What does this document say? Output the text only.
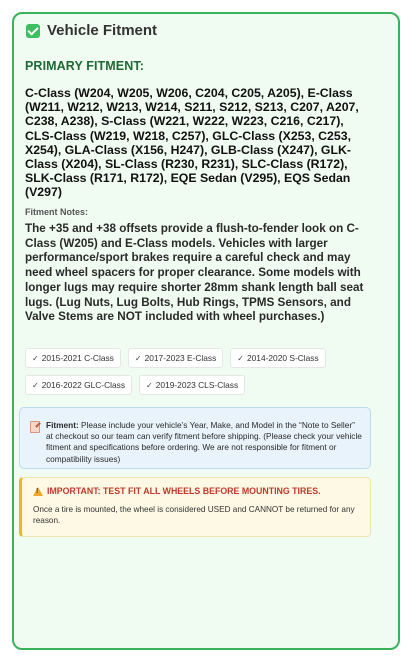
Vehicle Fitment
PRIMARY FITMENT:
C-Class (W204, W205, W206, C204, C205, A205), E-Class (W211, W212, W213, W214, S211, S212, S213, C207, A207, C238, A238), S-Class (W221, W222, W223, C216, C217), CLS-Class (W219, W218, C257), GLC-Class (X253, C253, X254), GLA-Class (X156, H247), GLB-Class (X247), GLK-Class (X204), SL-Class (R230, R231), SLC-Class (R172), SLK-Class (R171, R172), EQE Sedan (V295), EQS Sedan (V297)
Fitment Notes:
The +35 and +38 offsets provide a flush-to-fender look on C-Class (W205) and E-Class models. Vehicles with larger performance/sport brakes require a careful check and may need wheel spacers for proper clearance. Some models with longer lugs may require shorter 28mm shank length ball seat lugs. (Lug Nuts, Lug Bolts, Hub Rings, TPMS Sensors, and Valve Stems are NOT included with wheel purchases.)
✓ 2015-2021 C-Class	✓ 2017-2023 E-Class	✓ 2014-2020 S-Class
✓ 2016-2022 GLC-Class	✓ 2019-2023 CLS-Class
Fitment: Please include your vehicle’s Year, Make, and Model in the “Note to Seller” at checkout so our team can verify fitment before shipping. (Please check your vehicle fitment and specifications before ordering. We are not responsible for fitment or compatibility issues)
!
IMPORTANT: TEST FIT ALL WHEELS BEFORE MOUNTING TIRES.
Once a tire is mounted, the wheel is considered USED and CANNOT be returned for any reason.
